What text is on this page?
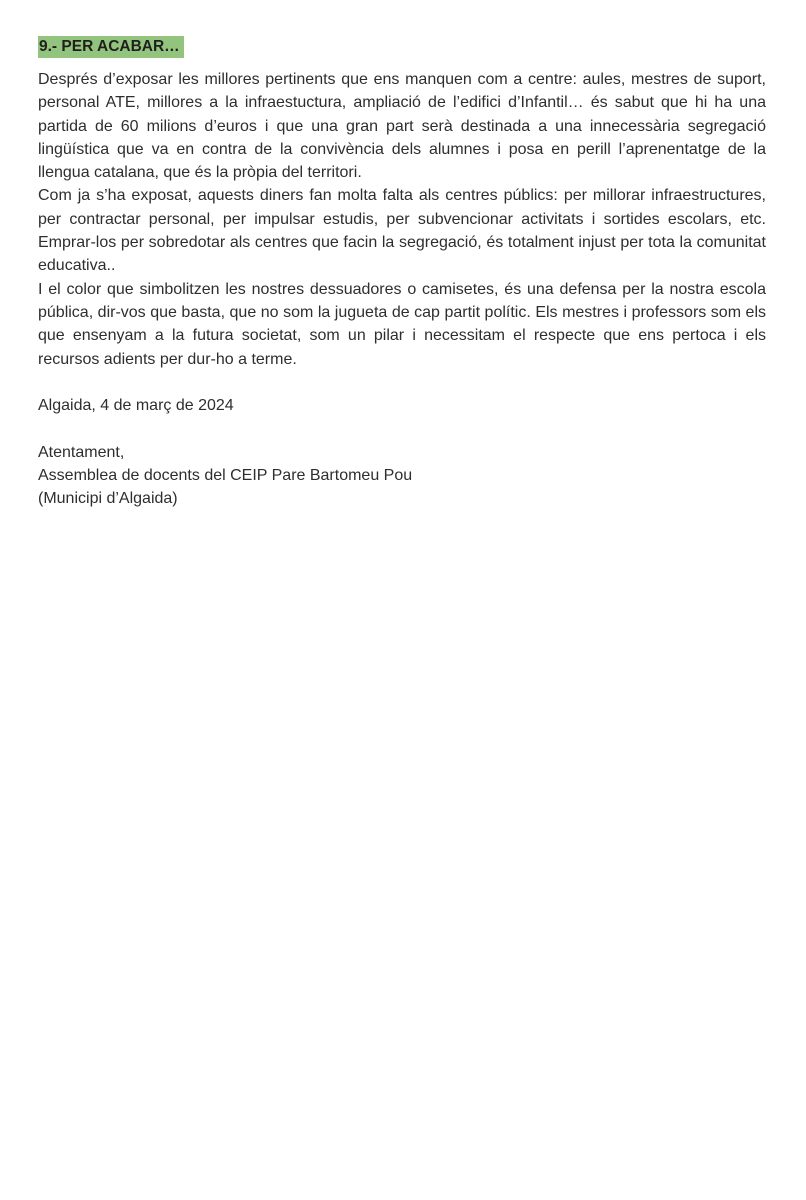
9.- PER ACABAR…

Després d’exposar les millores pertinents que ens manquen com a centre: aules, mestres de suport, personal ATE, millores a la infraestuctura, ampliació de l’edifici d’Infantil… és sabut que hi ha una partida de 60 milions d’euros i que una gran part serà destinada a una innecessària segregació lingüística que va en contra de la convivència dels alumnes i posa en perill l’aprenentatge de la llengua catalana, que és la pròpia del territori.

Com ja s’ha exposat, aquests diners fan molta falta als centres públics: per millorar infraestructures, per contractar personal, per impulsar estudis, per subvencionar activitats i sortides escolars, etc. Emprar-los per sobredotar als centres que facin la segregació, és totalment injust per tota la comunitat educativa..

I el color que simbolitzen les nostres dessuadores o camisetes, és una defensa per la nostra escola pública, dir-vos que basta, que no som la jugueta de cap partit polític. Els mestres i professors som els que ensenyam a la futura societat, som un pilar i necessitam el respecte que ens pertoca i els recursos adients per dur-ho a terme.

Algaida, 4 de març de 2024

Atentament,

Assemblea de docents del CEIP Pare Bartomeu Pou

(Municipi d’Algaida)
